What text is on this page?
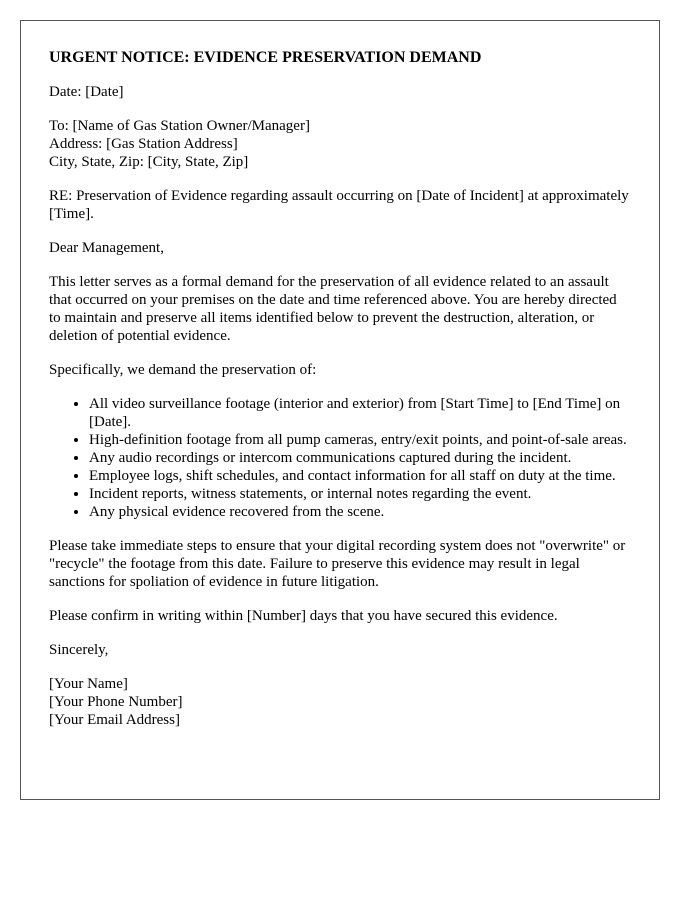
URGENT NOTICE: EVIDENCE PRESERVATION DEMAND

Date: [Date]

To: [Name of Gas Station Owner/Manager]
Address: [Gas Station Address]
City, State, Zip: [City, State, Zip]

RE: Preservation of Evidence regarding assault occurring on [Date of Incident] at approximately [Time].

Dear Management,

This letter serves as a formal demand for the preservation of all evidence related to an assault that occurred on your premises on the date and time referenced above. You are hereby directed to maintain and preserve all items identified below to prevent the destruction, alteration, or deletion of potential evidence.

Specifically, we demand the preservation of:

• All video surveillance footage (interior and exterior) from [Start Time] to [End Time] on [Date].
• High-definition footage from all pump cameras, entry/exit points, and point-of-sale areas.
• Any audio recordings or intercom communications captured during the incident.
• Employee logs, shift schedules, and contact information for all staff on duty at the time.
• Incident reports, witness statements, or internal notes regarding the event.
• Any physical evidence recovered from the scene.

Please take immediate steps to ensure that your digital recording system does not "overwrite" or "recycle" the footage from this date. Failure to preserve this evidence may result in legal sanctions for spoliation of evidence in future litigation.

Please confirm in writing within [Number] days that you have secured this evidence.

Sincerely,

[Your Name]
[Your Phone Number]
[Your Email Address]
